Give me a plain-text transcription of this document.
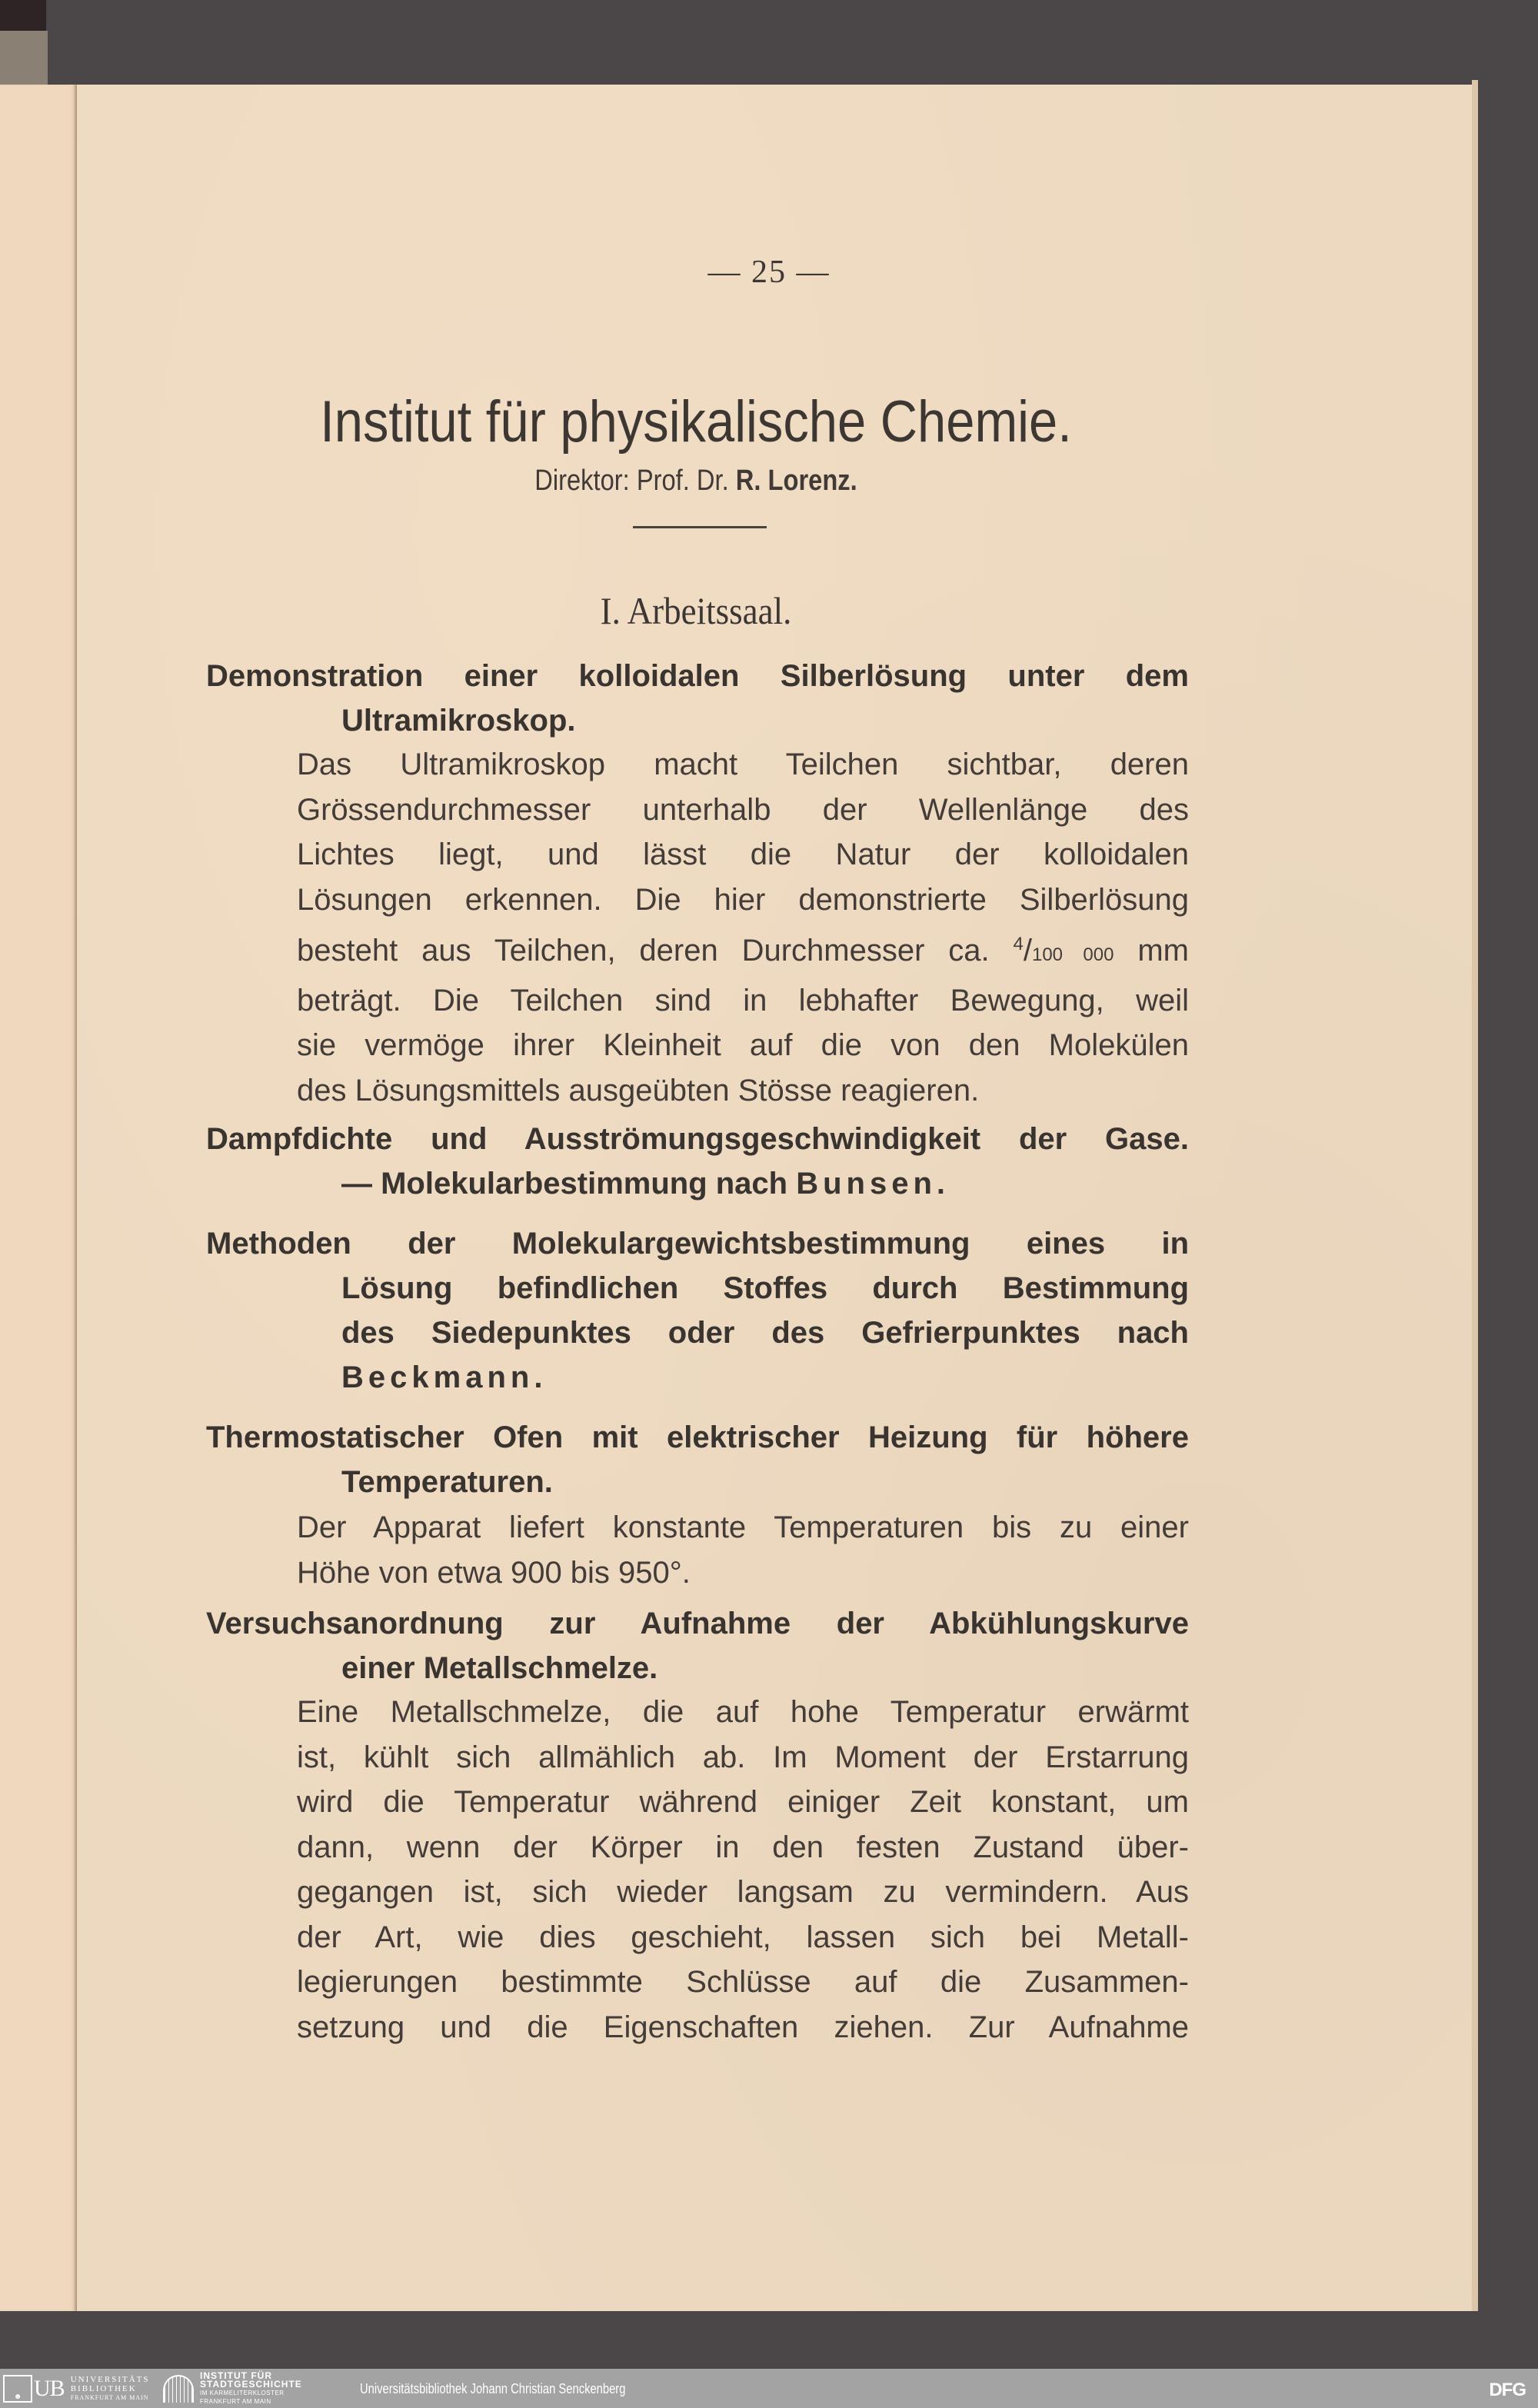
— 25 —
Institut für physikalische Chemie.
Direktor: Prof. Dr. R. Lorenz.
I. Arbeitssaal.
Demonstration einer kolloidalen Silberlösung unter dem
Ultramikroskop.
Das Ultramikroskop macht Teilchen sichtbar, deren
Grössendurchmesser unterhalb der Wellenlänge des
Lichtes liegt, und lässt die Natur der kolloidalen
Lösungen erkennen. Die hier demonstrierte Silberlösung
besteht aus Teilchen, deren Durchmesser ca. $^4$/100 000 mm
beträgt. Die Teilchen sind in lebhafter Bewegung, weil
sie vermöge ihrer Kleinheit auf die von den Molekülen
des Lösungsmittels ausgeübten Stösse reagieren.
Dampfdichte und Ausströmungsgeschwindigkeit der Gase.
— Molekularbestimmung nach Bunsen.
Methoden der Molekulargewichtsbestimmung eines in
Lösung befindlichen Stoffes durch Bestimmung
des Siedepunktes oder des Gefrierpunktes nach
Beckmann.
Thermostatischer Ofen mit elektrischer Heizung für höhere
Temperaturen.
Der Apparat liefert konstante Temperaturen bis zu einer
Höhe von etwa 900 bis 950°.
Versuchsanordnung zur Aufnahme der Abkühlungskurve
einer Metallschmelze.
Eine Metallschmelze, die auf hohe Temperatur erwärmt
ist, kühlt sich allmählich ab. Im Moment der Erstarrung
wird die Temperatur während einiger Zeit konstant, um
dann, wenn der Körper in den festen Zustand über-
gegangen ist, sich wieder langsam zu vermindern. Aus
der Art, wie dies geschieht, lassen sich bei Metall-
legierungen bestimmte Schlüsse auf die Zusammen-
setzung und die Eigenschaften ziehen. Zur Aufnahme
☻ UB UNIVERSITÄTS
BIBLIOTHEK
FRANKFURT AM MAIN
INSTITUT FÜR
STADTGESCHICHTE
IM KARMELITERKLOSTER
FRANKFURT AM MAIN
Universitätsbibliothek Johann Christian Senckenberg	DFG
